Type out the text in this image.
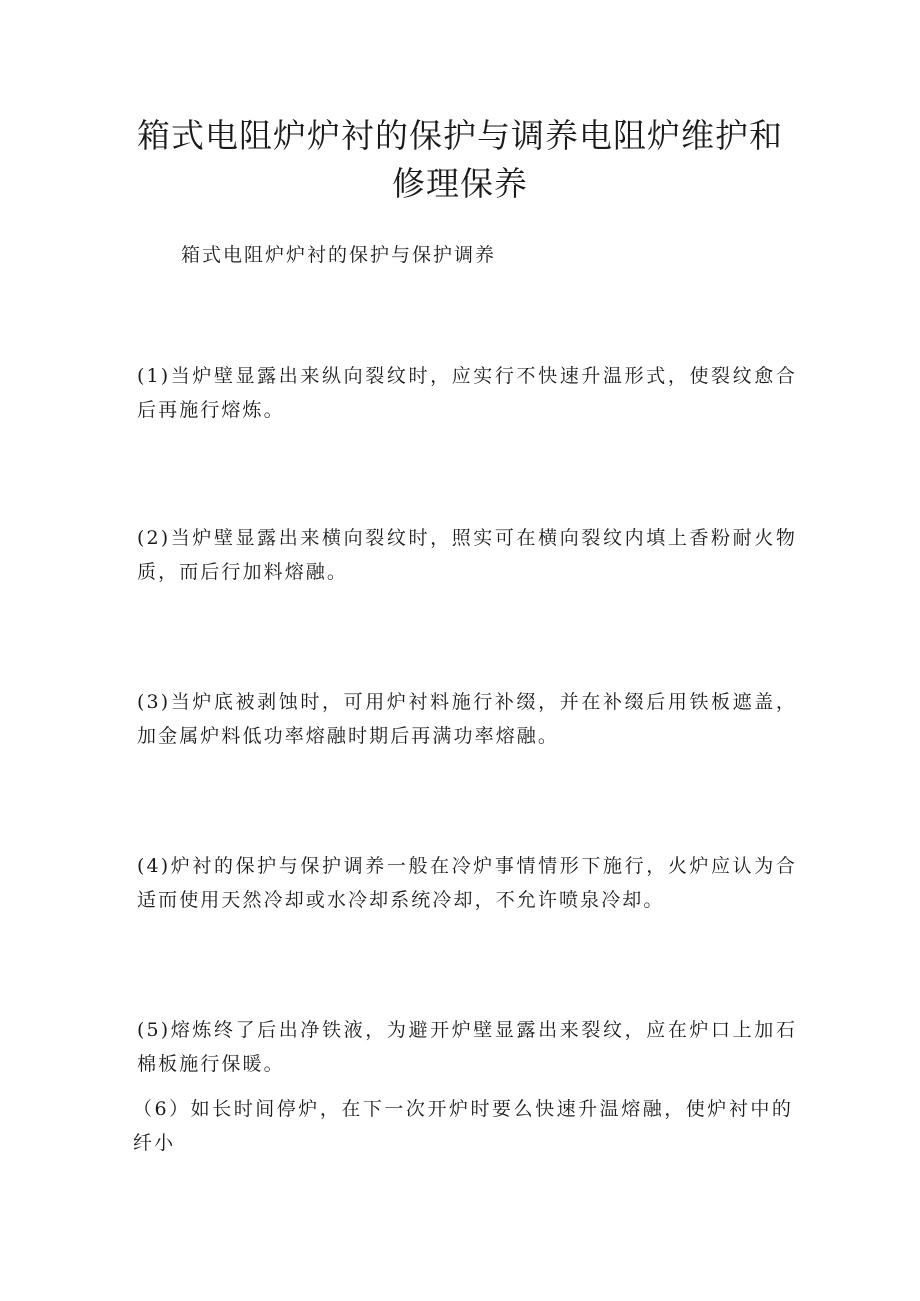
箱式电阻炉炉衬的保护与调养电阻炉维护和修理保养

箱式电阻炉炉衬的保护与保护调养

(1)当炉壁显露出来纵向裂纹时，应实行不快速升温形式，使裂纹愈合后再施行熔炼。

(2)当炉壁显露出来横向裂纹时，照实可在横向裂纹内填上香粉耐火物质，而后行加料熔融。

(3)当炉底被剥蚀时，可用炉衬料施行补缀，并在补缀后用铁板遮盖，加金属炉料低功率熔融时期后再满功率熔融。

(4)炉衬的保护与保护调养一般在冷炉事情情形下施行，火炉应认为合适而使用天然冷却或水冷却系统冷却，不允许喷泉冷却。

(5)熔炼终了后出净铁液，为避开炉壁显露出来裂纹，应在炉口上加石棉板施行保暖。

（6）如长时间停炉，在下一次开炉时要么快速升温熔融，使炉衬中的纤小
